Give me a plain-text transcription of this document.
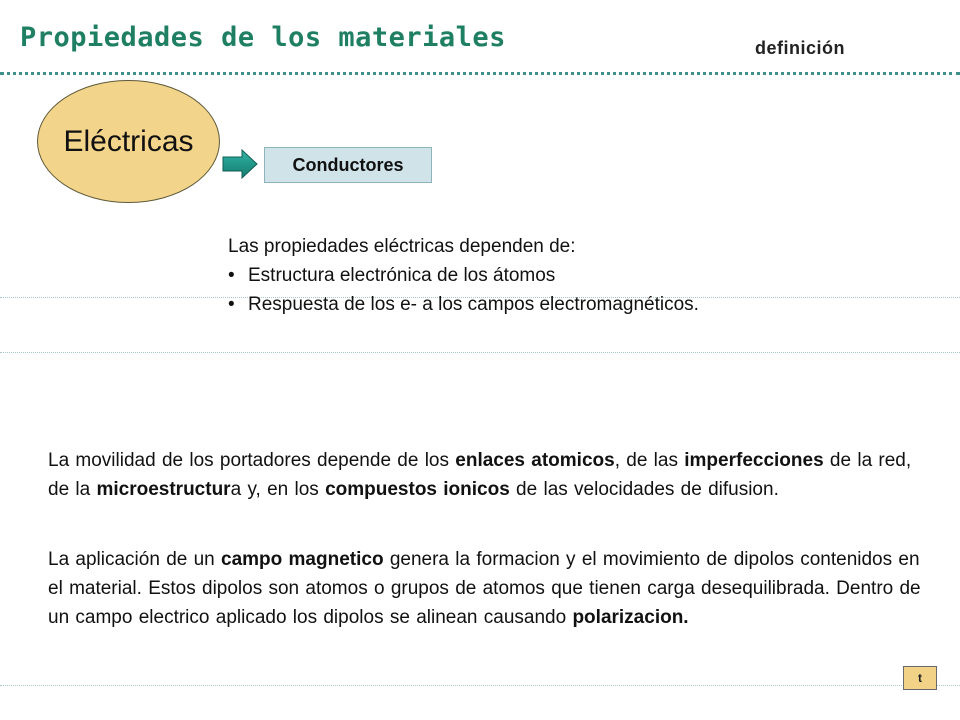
Propiedades de los materiales	definición
Eléctricas
Conductores
Las propiedades eléctricas dependen de:
• Estructura electrónica de los átomos
• Respuesta de los e- a los campos electromagnéticos.
La movilidad de los portadores depende de los enlaces atomicos, de las imperfecciones de la red, de la microestructura y, en los compuestos ionicos de las velocidades de difusion.
La aplicación de un campo magnetico genera la formacion y el movimiento de dipolos contenidos en el material. Estos dipolos son atomos o grupos de atomos que tienen carga desequilibrada. Dentro de un campo electrico aplicado los dipolos se alinean causando polarizacion.
t
